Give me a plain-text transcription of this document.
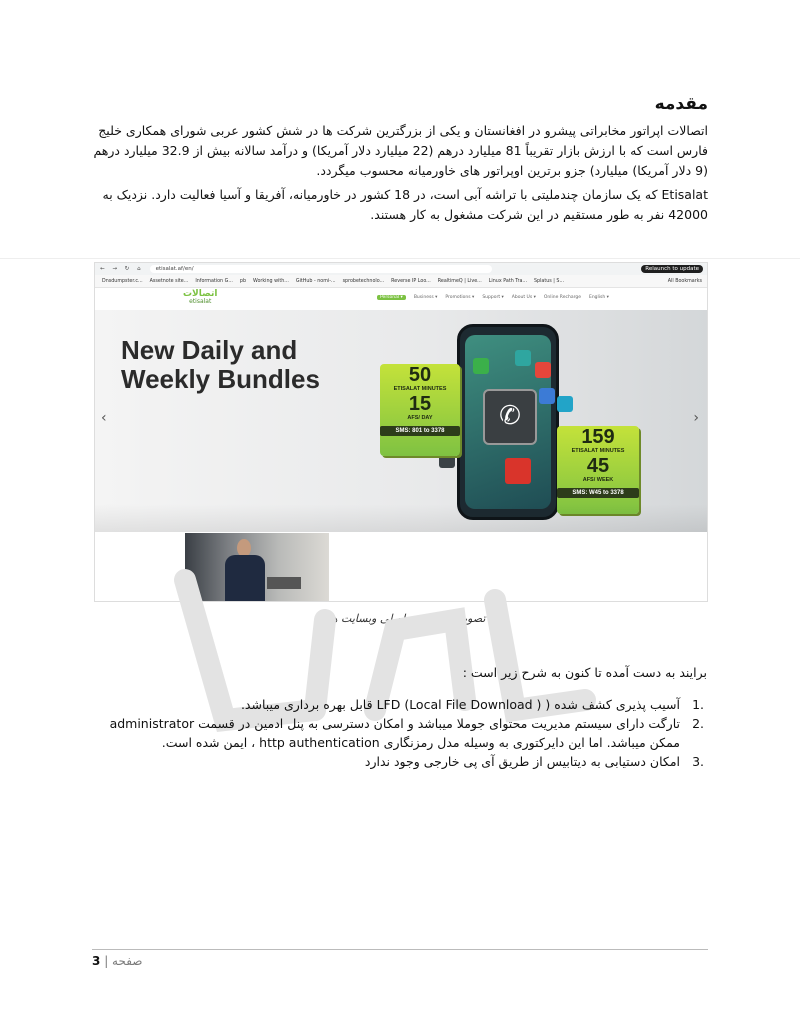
مقدمه
اتصالات اپراتور مخابراتی پیشرو در افغانستان و یکی از بزرگترین شرکت ها در شش کشور عربی شورای همکاری خلیج فارس است که با ارزش بازار تقریباً 81 میلیارد درهم (22 میلیارد دلار آمریکا) و درآمد سالانه بیش از 32.9 میلیارد درهم (9 دلار آمریکا) میلیارد) جزو برترین اوپراتور های خاورمیانه محسوب میگردد.
Etisalat که یک سازمان چندملیتی با تراشه آبی است، در 18 کشور در خاورمیانه، آفریقا و آسیا فعالیت دارد. نزدیک به 42000 نفر به طور مستقیم در این شرکت مشغول به کار هستند.
← → ↻ ⌂	etisalat.af/en/	Relaunch to update
Dnsdumpster.c... Assetnote site... Information G... pb Working with... GitHub - nomi-... sprobetechnolo... Reverse IP Loo... RealtimeQ | Live... Linux Path Tra... Splatus | S...	All Bookmarks
اتصالات
etisalat
Personal ▾	Business ▾ Promotions ▾ Support ▾ About Us ▾ Online Recharge English ▾
New Daily and
Weekly Bundles
‹	›
✆
50
ETISALAT MINUTES
15
AFS/ DAY
SMS: 801 to 3378	159
ETISALAT MINUTES
45
AFS/ WEEK
SMS: W45 to 3378
تصویر 1 - صفحه اصلی وبسایت هدف
برایند به دست آمده تا کنون به شرح زیر است :
1.
آسیب پذیری کشف شده ( LFD (Local File Download ) قابل بهره برداری میباشد.
2.
تارگت دارای سیستم مدیریت محتوای جوملا میباشد و امکان دسترسی به پنل ادمین در قسمت administrator ممکن میباشد. اما این دایرکتوری به وسیله مدل رمزنگاری http authentication ، ایمن شده است.
3.
امکان دستیابی به دیتابیس از طریق آی پی خارجی وجود ندارد
3 | صفحه
